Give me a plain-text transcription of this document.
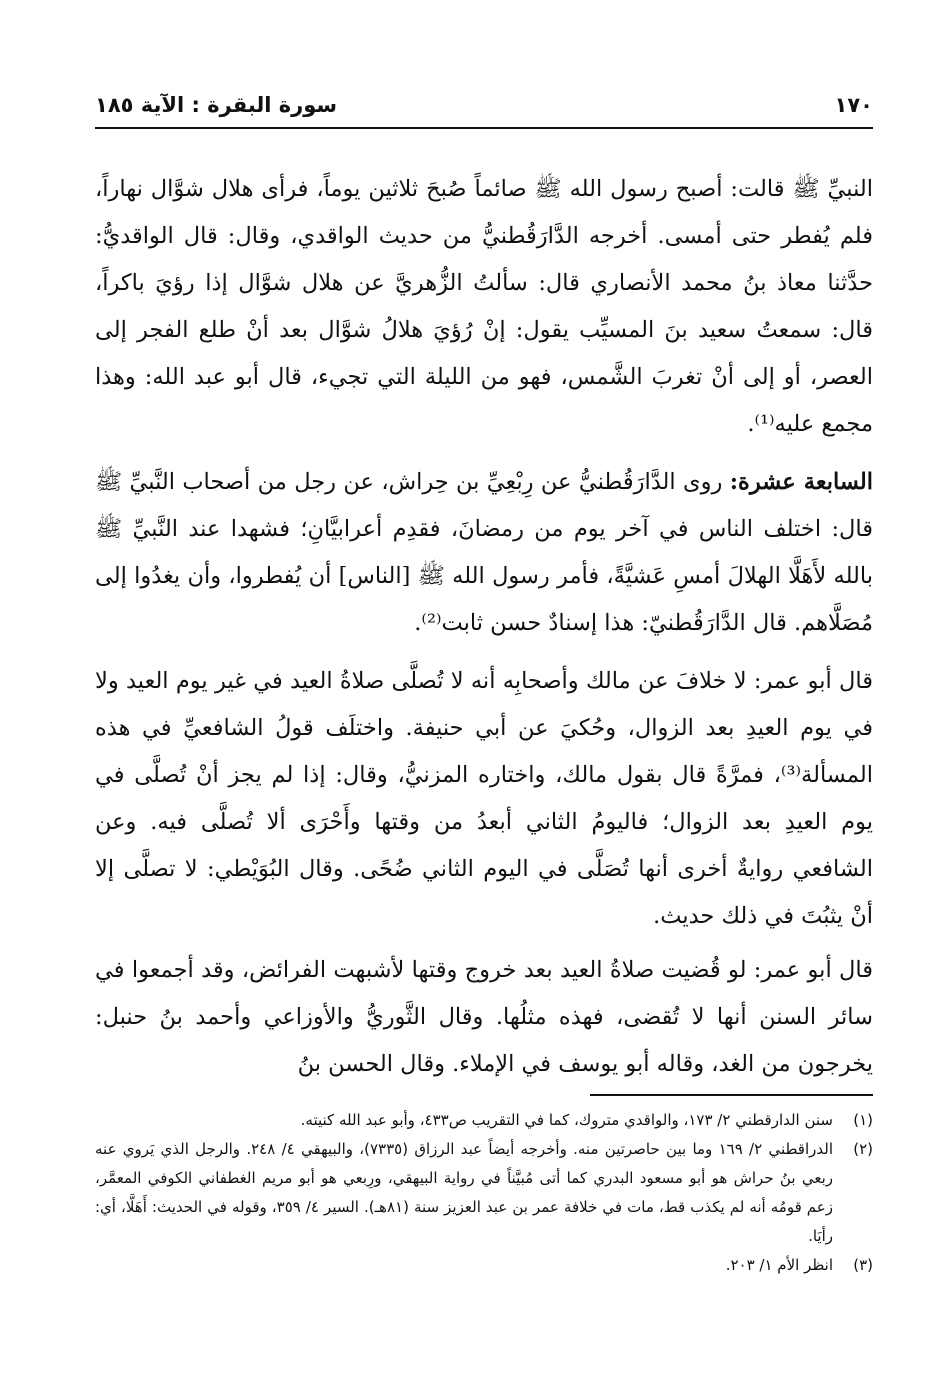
١٧٠
سورة البقرة : الآية ١٨٥

النبيِّ ﷺ قالت: أصبح رسول الله ﷺ صائماً صُبحَ ثلاثين يوماً، فرأى هلال شوَّال نهاراً، فلم يُفطر حتى أمسى. أخرجه الدَّارَقُطنيُّ من حديث الواقدي، وقال: قال الواقديُّ: حدَّثنا معاذ بنُ محمد الأنصاري قال: سألتُ الزُّهريَّ عن هلال شوَّال إذا رؤيَ باكراً، قال: سمعتُ سعيد بنَ المسيِّب يقول: إنْ رُؤيَ هلالُ شوَّال بعد أنْ طلع الفجر إلى العصر، أو إلى أنْ تغربَ الشَّمس، فهو من الليلة التي تجيء، قال أبو عبد الله: وهذا مجمع عليه⁽¹⁾.

السابعة عشرة: روى الدَّارَقُطنيُّ عن رِبْعِيِّ بن حِراش، عن رجل من أصحاب النَّبيِّ ﷺ قال: اختلف الناس في آخر يوم من رمضانَ، فقدِم أعرابيَّانِ؛ فشهدا عند النَّبيِّ ﷺ بالله لأَهَلَّا الهلالَ أمسِ عَشيَّةً، فأمر رسول الله ﷺ [الناس] أن يُفطروا، وأن يغدُوا إلى مُصَلَّاهم. قال الدَّارَقُطنيّ: هذا إسنادٌ حسن ثابت⁽²⁾.

قال أبو عمر: لا خلافَ عن مالك وأصحابِه أنه لا تُصلَّى صلاةُ العيد في غير يوم العيد ولا في يوم العيدِ بعد الزوال، وحُكيَ عن أبي حنيفة. واختلَف قولُ الشافعيِّ في هذه المسألة⁽³⁾، فمرَّةً قال بقول مالك، واختاره المزنيُّ، وقال: إذا لم يجز أنْ تُصلَّى في يوم العيدِ بعد الزوال؛ فاليومُ الثاني أبعدُ من وقتها وأَحْرَى ألا تُصلَّى فيه. وعن الشافعي روايةٌ أخرى أنها تُصَلَّى في اليوم الثاني ضُحًى. وقال البُوَيْطي: لا تصلَّى إلا أنْ يثبُتَ في ذلك حديث.

قال أبو عمر: لو قُضيت صلاةُ العيد بعد خروج وقتها لأشبهت الفرائض، وقد أجمعوا في سائر السنن أنها لا تُقضى، فهذه مثلُها. وقال الثَّوريُّ والأوزاعي وأحمد بنُ حنبل: يخرجون من الغد، وقاله أبو يوسف في الإملاء. وقال الحسن بنُ

(١)
سنن الدارقطني ٢/ ١٧٣، والواقدي متروك، كما في التقريب ص٤٣٣، وأبو عبد الله كنيته.
(٢)
الدراقطني ٢/ ١٦٩ وما بين حاصرتين منه. وأخرجه أيضاً عبد الرزاق (٧٣٣٥)، والبيهقي ٤/ ٢٤٨. والرجل الذي يَروي عنه ربعي بنُ حراش هو أبو مسعود البدري كما أتى مُبيَّناً في رواية البيهقي، ورِبعي هو أبو مريم الغطفاني الكوفي المعمَّر، زعم قومُه أنه لم يكذب قط، مات في خلافة عمر بن عبد العزيز سنة (٨١هـ). السير ٤/ ٣٥٩، وقوله في الحديث: أَهَلَّا، أي: رأيَا.
(٣)
انظر الأم ١/ ٢٠٣.
